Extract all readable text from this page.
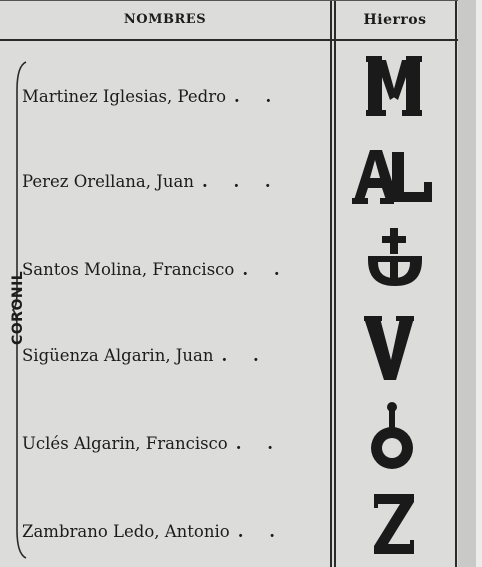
NOMBRES	Hierros
CORONIL
Martinez Iglesias, Pedro . .
Perez Orellana, Juan . . .
Santos Molina, Francisco . .
Sigüenza Algarin, Juan . .
Uclés Algarin, Francisco . .
Zambrano Ledo, Antonio . .
